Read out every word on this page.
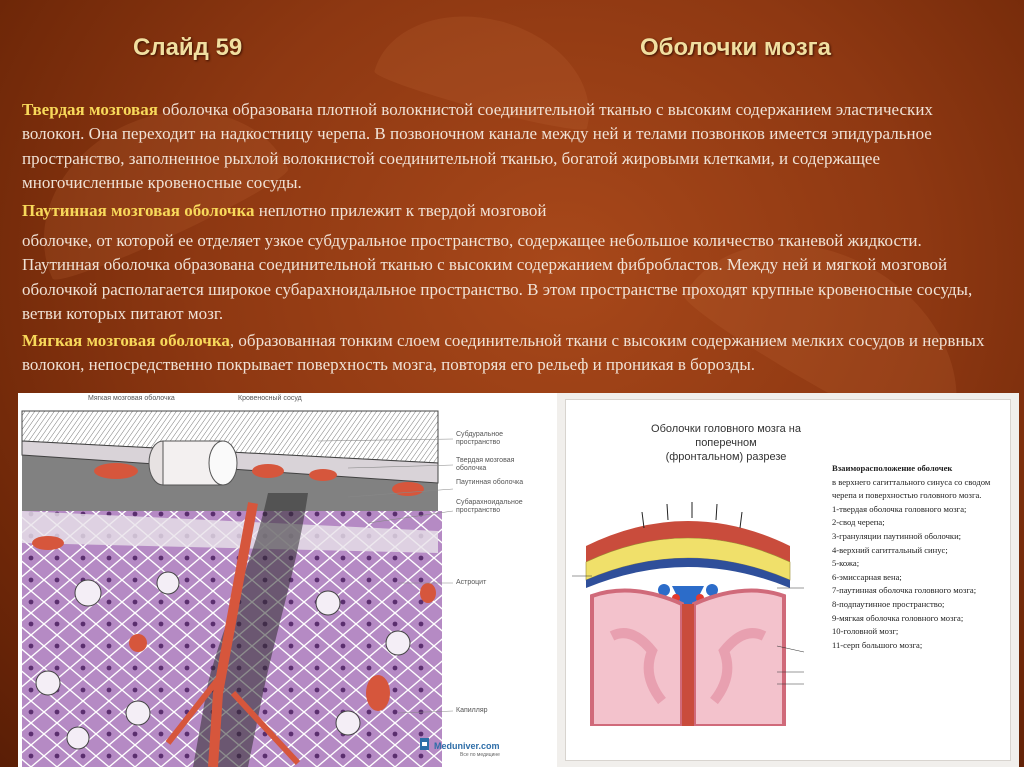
Слайд 59	Оболочки мозга
Твердая мозговая оболочка образована плотной волокнистой соединительной тканью с высоким содержанием эластических волокон. Она переходит на надкостницу черепа. В позвоночном канале между ней и телами позвонков имеется эпидуральное пространство, заполненное рыхлой волокнистой соединительной тканью, богатой жировыми клетками, и содержащее многочисленные кровеносные сосуды.
Паутинная мозговая оболочка неплотно прилежит к твердой мозговой
оболочке, от которой ее отделяет узкое субдуральное пространство, содержащее небольшое количество тканевой жидкости. Паутинная оболочка образована соединительной тканью с высоким содержанием фибробластов. Между ней и мягкой мозговой оболочкой располагается широкое субарахноидальное пространство. В этом пространстве проходят крупные кровеносные сосуды, ветви которых питают мозг.
Мягкая мозговая оболочка, образованная тонким слоем соединительной ткани с высоким содержанием мелких сосудов и нервных волокон, непосредственно покрывает поверхность мозга, повторяя его рельеф и проникая в борозды.
Мягкая мозговая оболочка	Кровеносный сосуд
Субдуральное пространство
Твердая мозговая оболочка
Паутинная оболочка
Субарахноидальное пространство
Астроцит
Капилляр
Meduniver.com
Все по медицине
Оболочки головного мозга на поперечном
(фронтальном) разрезе
Взаиморасположение оболочек
в верхнего сагиттального синуса со сводом черепа и поверхностью головного мозга.
1-твердая оболочка головного мозга;
2-свод черепа;
3-грануляции паутинной оболочки;
4-верхний сагиттальный синус;
5-кожа;
6-эмиссарная вена;
7-паутинная оболочка головного мозга;
8-подпаутинное пространство;
9-мягкая оболочка головного мозга;
10-головной мозг;
11-серп большого мозга;
